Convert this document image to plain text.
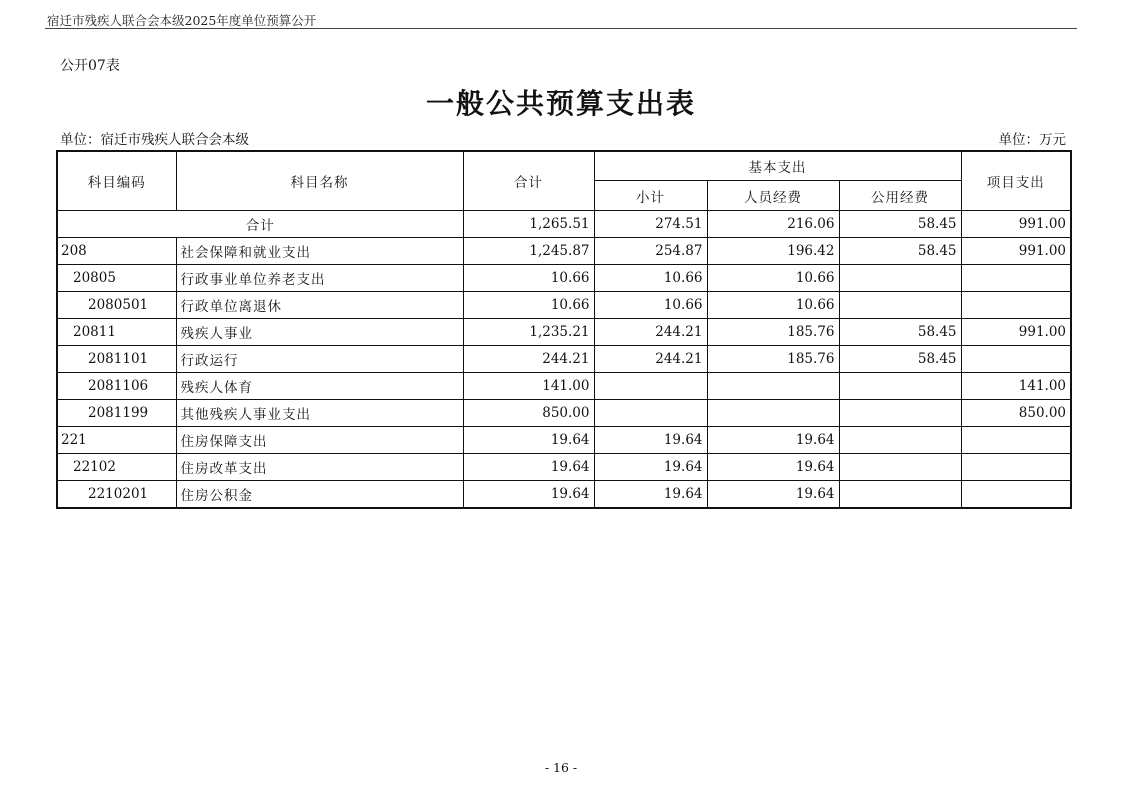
宿迁市残疾人联合会本级2025年度单位预算公开
公开07表
一般公共预算支出表
单位：宿迁市残疾人联合会本级	单位：万元
科目编码	科目名称	合计	基本支出			项目支出
			小计	人员经费	公用经费	
合计		1,265.51	274.51	216.06	58.45	991.00
208	社会保障和就业支出	1,245.87	254.87	196.42	58.45	991.00
20805	行政事业单位养老支出	10.66	10.66	10.66		
2080501	行政单位离退休	10.66	10.66	10.66		
20811	残疾人事业	1,235.21	244.21	185.76	58.45	991.00
2081101	行政运行	244.21	244.21	185.76	58.45	
2081106	残疾人体育	141.00				141.00
2081199	其他残疾人事业支出	850.00				850.00
221	住房保障支出	19.64	19.64	19.64		
22102	住房改革支出	19.64	19.64	19.64		
2210201	住房公积金	19.64	19.64	19.64		
- 16 -
